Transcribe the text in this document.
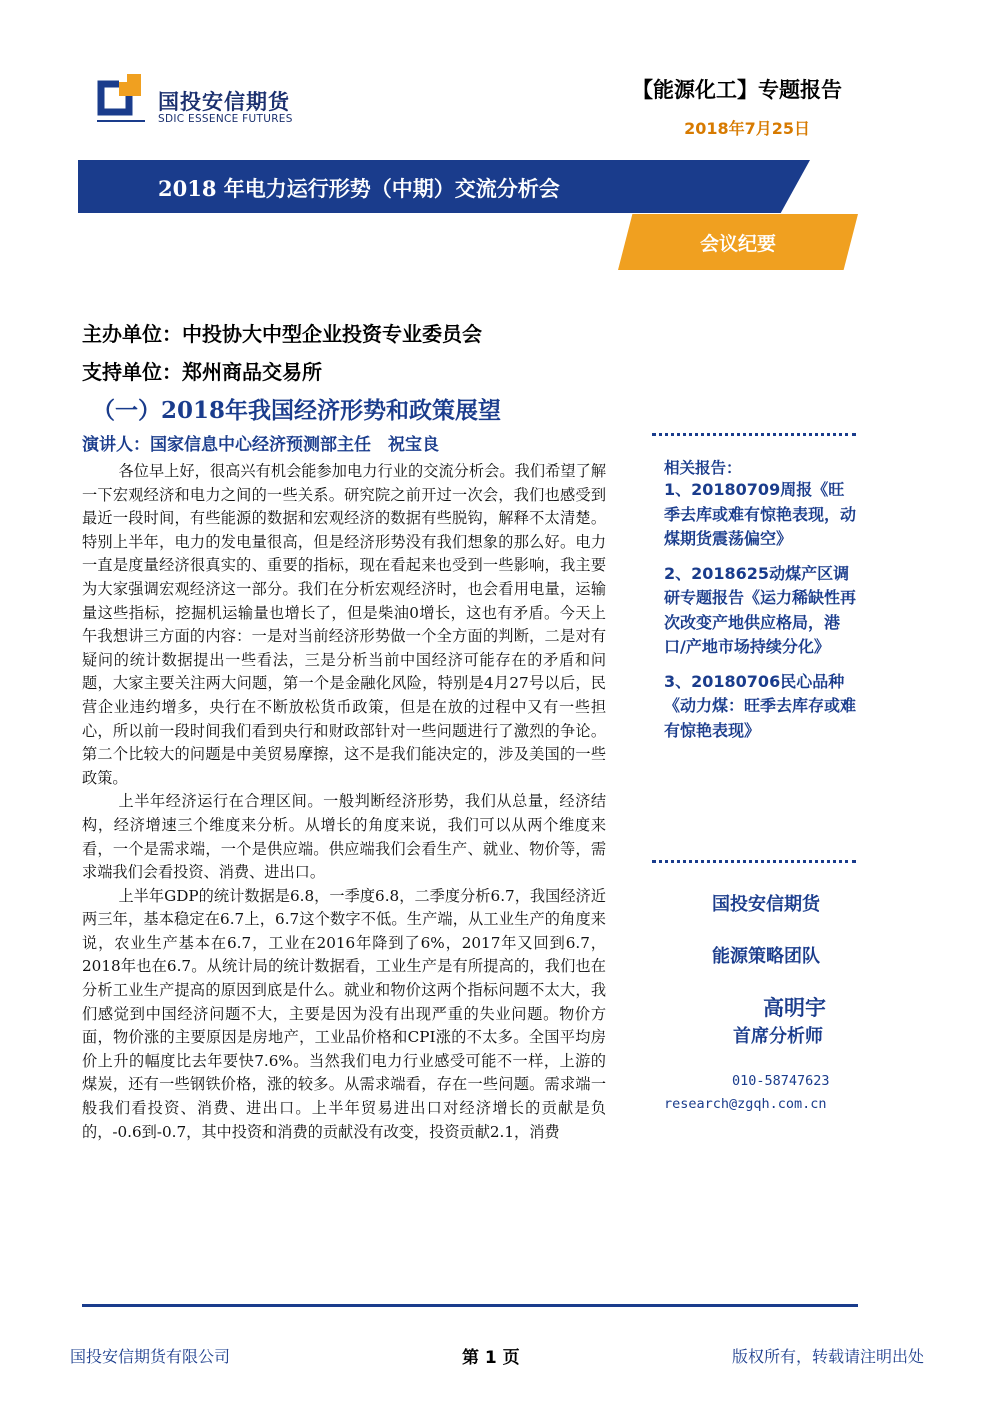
国投安信期货
SDIC ESSENCE FUTURES
【能源化工】专题报告
2018年7月25日
2018 年电力运行形势（中期）交流分析会
会议纪要
主办单位：中投协大中型企业投资专业委员会
支持单位：郑州商品交易所
（一）2018年我国经济形势和政策展望
演讲人：国家信息中心经济预测部主任　祝宝良

各位早上好，很高兴有机会能参加电力行业的交流分析会。我们希望了解一下宏观经济和电力之间的一些关系。研究院之前开过一次会，我们也感受到最近一段时间，有些能源的数据和宏观经济的数据有些脱钩，解释不太清楚。特别上半年，电力的发电量很高，但是经济形势没有我们想象的那么好。电力一直是度量经济很真实的、重要的指标，现在看起来也受到一些影响，我主要为大家强调宏观经济这一部分。我们在分析宏观经济时，也会看用电量，运输量这些指标，挖掘机运输量也增长了，但是柴油0增长，这也有矛盾。今天上午我想讲三方面的内容：一是对当前经济形势做一个全方面的判断，二是对有疑问的统计数据提出一些看法，三是分析当前中国经济可能存在的矛盾和问题，大家主要关注两大问题，第一个是金融化风险，特别是4月27号以后，民营企业违约增多，央行在不断放松货币政策，但是在放的过程中又有一些担心，所以前一段时间我们看到央行和财政部针对一些问题进行了激烈的争论。第二个比较大的问题是中美贸易摩擦，这不是我们能决定的，涉及美国的一些政策。

上半年经济运行在合理区间。一般判断经济形势，我们从总量，经济结构，经济增速三个维度来分析。从增长的角度来说，我们可以从两个维度来看，一个是需求端，一个是供应端。供应端我们会看生产、就业、物价等，需求端我们会看投资、消费、进出口。

上半年GDP的统计数据是6.8，一季度6.8，二季度分析6.7，我国经济近两三年，基本稳定在6.7上，6.7这个数字不低。生产端，从工业生产的角度来说，农业生产基本在6.7，工业在2016年降到了6%，2017年又回到6.7，2018年也在6.7。从统计局的统计数据看，工业生产是有所提高的，我们也在分析工业生产提高的原因到底是什么。就业和物价这两个指标问题不太大，我们感觉到中国经济问题不大，主要是因为没有出现严重的失业问题。物价方面，物价涨的主要原因是房地产，工业品价格和CPI涨的不太多。全国平均房价上升的幅度比去年要快7.6%。当然我们电力行业感受可能不一样，上游的煤炭，还有一些钢铁价格，涨的较多。从需求端看，存在一些问题。需求端一般我们看投资、消费、进出口。上半年贸易进出口对经济增长的贡献是负的，-0.6到-0.7，其中投资和消费的贡献没有改变，投资贡献2.1，消费

相关报告：
1、20180709周报《旺季去库或难有惊艳表现，动煤期货震荡偏空》
2、2018625动煤产区调研专题报告《运力稀缺性再次改变产地供应格局，港口/产地市场持续分化》
3、20180706民心品种《动力煤：旺季去库存或难有惊艳表现》
国投安信期货
能源策略团队
高明宇
首席分析师
010-58747623
research@zgqh.com.cn
国投安信期货有限公司	第 1 页	版权所有，转载请注明出处
